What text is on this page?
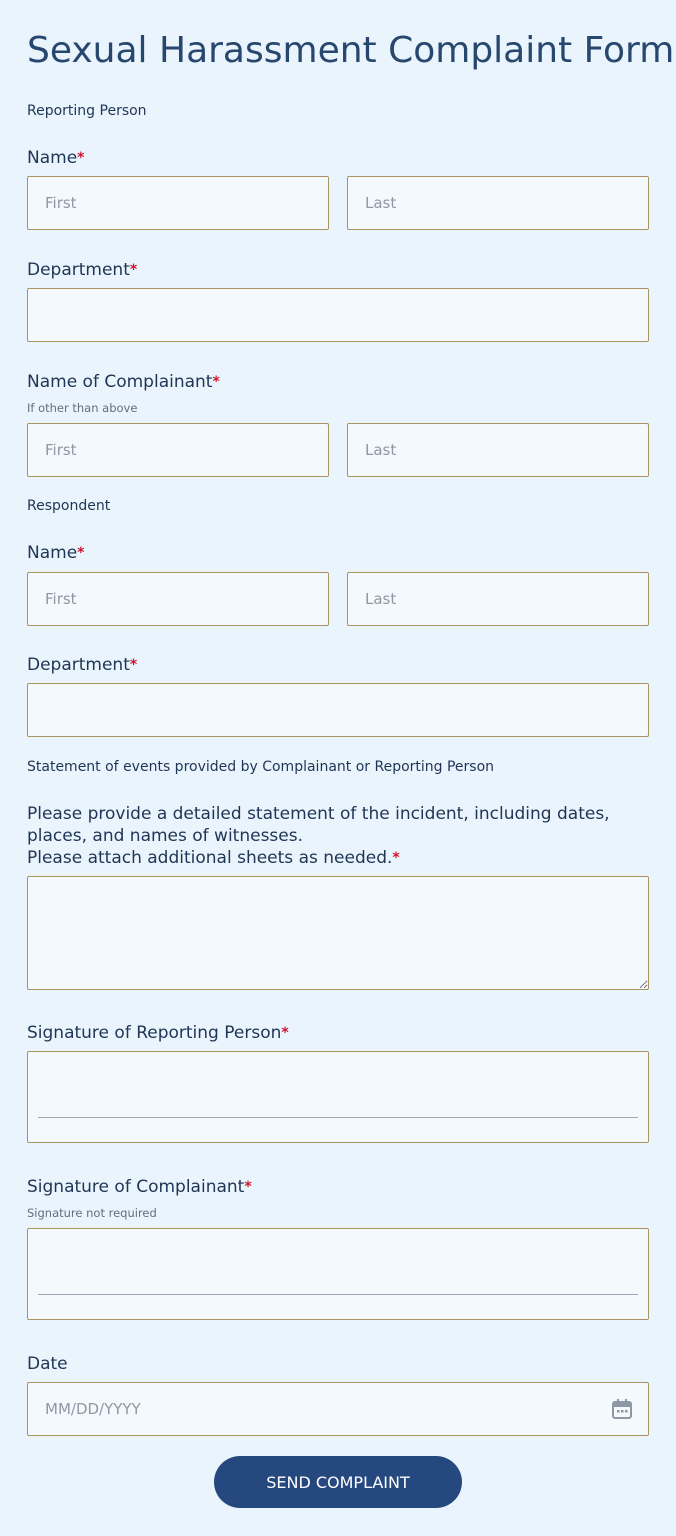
Sexual Harassment Complaint Form
Reporting Person
Name*
First
Last
Department*
Name of Complainant*
If other than above
First
Last
Respondent
Name*
First
Last
Department*
Statement of events provided by Complainant or Reporting Person
Please provide a detailed statement of the incident, including dates,
places, and names of witnesses.
Please attach additional sheets as needed.*
Signature of Reporting Person*
Signature of Complainant*
Signature not required
Date
MM/DD/YYYY
SEND COMPLAINT
